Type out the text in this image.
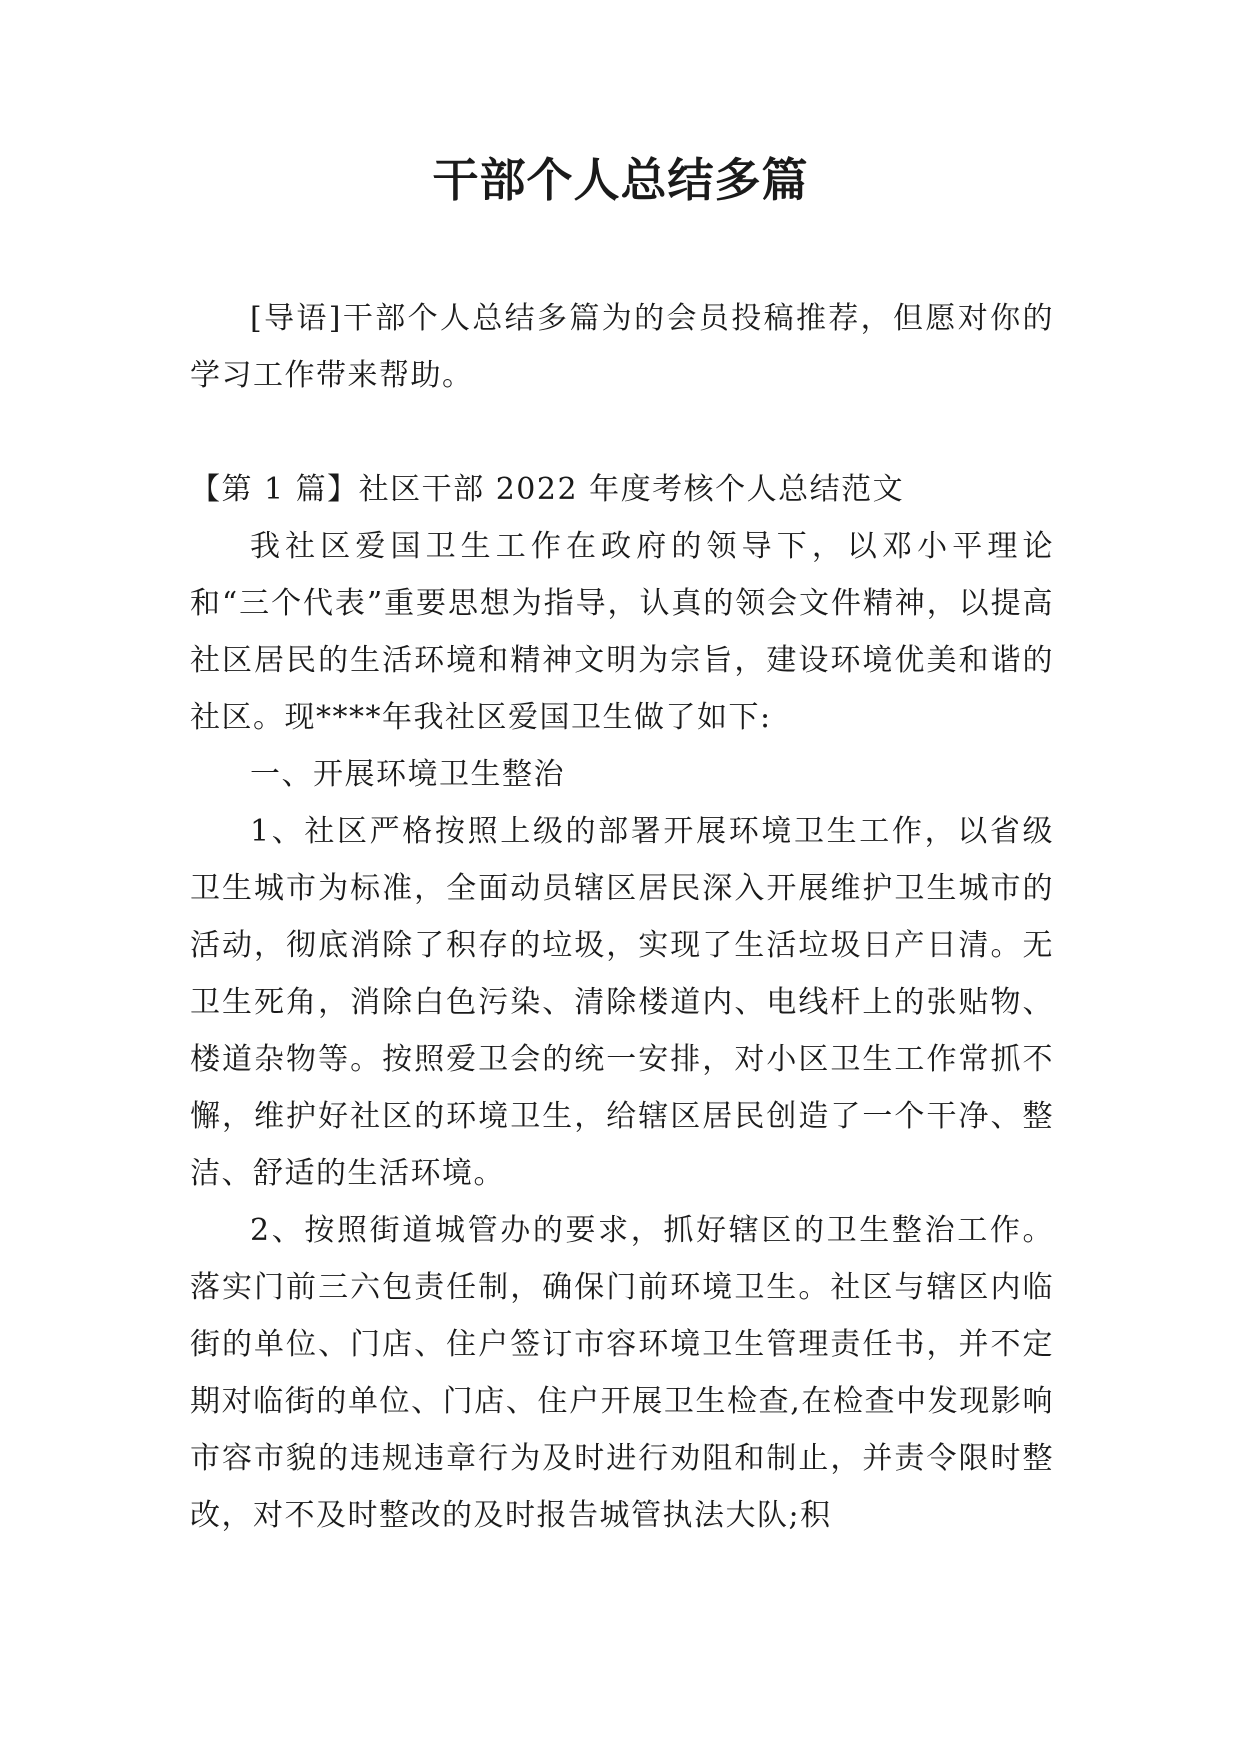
干部个人总结多篇

[导语]干部个人总结多篇为的会员投稿推荐，但愿对你的学习工作带来帮助。

【第 1 篇】社区干部 2022 年度考核个人总结范文

我社区爱国卫生工作在政府的领导下，以邓小平理论和“三个代表”重要思想为指导，认真的领会文件精神，以提高社区居民的生活环境和精神文明为宗旨，建设环境优美和谐的社区。现****年我社区爱国卫生做了如下:

一、开展环境卫生整治

1、社区严格按照上级的部署开展环境卫生工作，以省级卫生城市为标准，全面动员辖区居民深入开展维护卫生城市的活动，彻底消除了积存的垃圾，实现了生活垃圾日产日清。无卫生死角，消除白色污染、清除楼道内、电线杆上的张贴物、楼道杂物等。按照爱卫会的统一安排，对小区卫生工作常抓不懈，维护好社区的环境卫生，给辖区居民创造了一个干净、整洁、舒适的生活环境。

2、按照街道城管办的要求，抓好辖区的卫生整治工作。落实门前三六包责任制，确保门前环境卫生。社区与辖区内临街的单位、门店、住户签订市容环境卫生管理责任书，并不定期对临街的单位、门店、住户开展卫生检查,在检查中发现影响市容市貌的违规违章行为及时进行劝阻和制止，并责令限时整改，对不及时整改的及时报告城管执法大队;积
